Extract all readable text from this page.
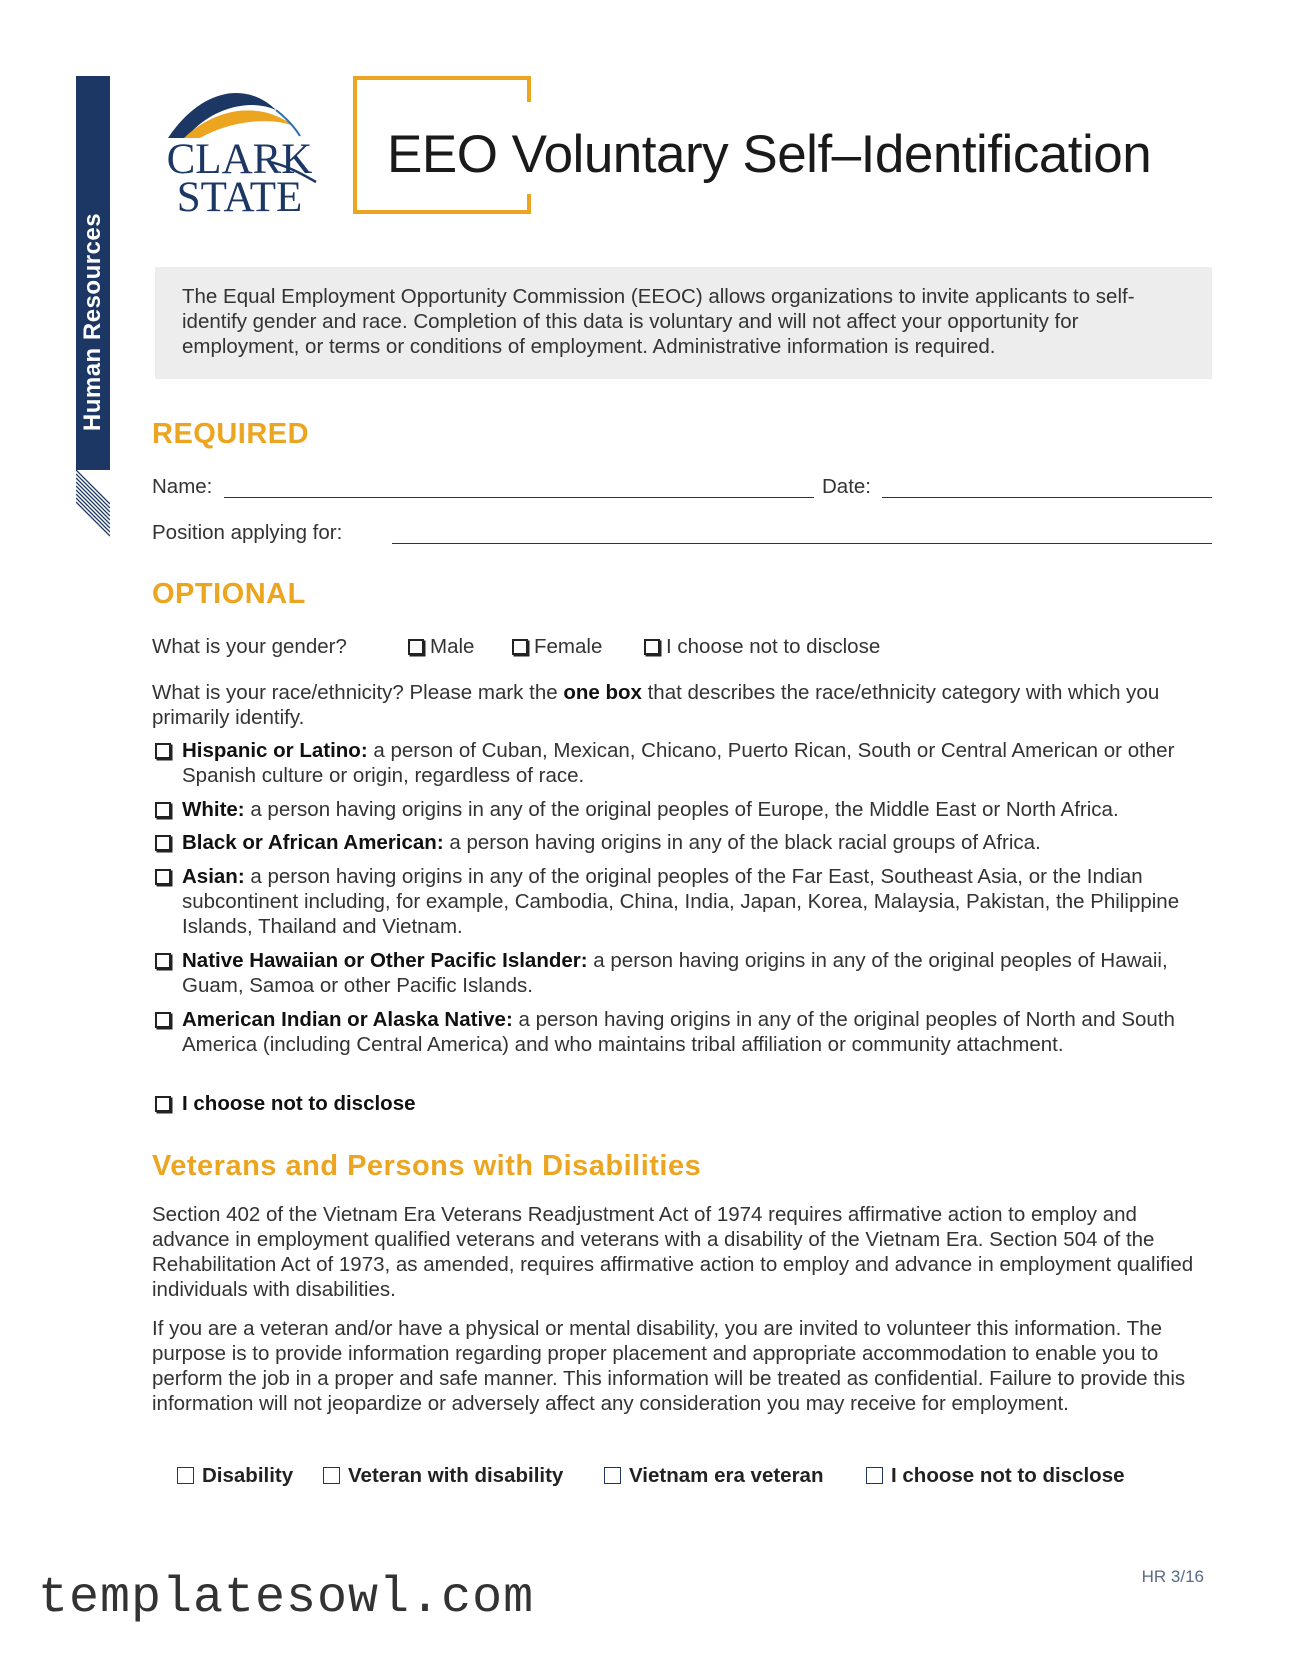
Human Resources
CLARK
STATE
EEO Voluntary Self–Identification

The Equal Employment Opportunity Commission (EEOC) allows organizations to invite applicants to self-identify gender and race. Completion of this data is voluntary and will not affect your opportunity for employment, or terms or conditions of employment. Administrative information is required.

REQUIRED
Name:	Date:
Position applying for:
OPTIONAL
What is your gender?	Male	Female	I choose not to disclose

What is your race/ethnicity? Please mark the one box that describes the race/ethnicity category with which you primarily identify.

Hispanic or Latino: a person of Cuban, Mexican, Chicano, Puerto Rican, South or Central American or other Spanish culture or origin, regardless of race.
White: a person having origins in any of the original peoples of Europe, the Middle East or North Africa.
Black or African American: a person having origins in any of the black racial groups of Africa.
Asian: a person having origins in any of the original peoples of the Far East, Southeast Asia, or the Indian subcontinent including, for example, Cambodia, China, India, Japan, Korea, Malaysia, Pakistan, the Philippine Islands, Thailand and Vietnam.
Native Hawaiian or Other Pacific Islander: a person having origins in any of the original peoples of Hawaii, Guam, Samoa or other Pacific Islands.
American Indian or Alaska Native: a person having origins in any of the original peoples of North and South America (including Central America) and who maintains tribal affiliation or community attachment.
I choose not to disclose
Veterans and Persons with Disabilities

Section 402 of the Vietnam Era Veterans Readjustment Act of 1974 requires affirmative action to employ and advance in employment qualified veterans and veterans with a disability of the Vietnam Era. Section 504 of the Rehabilitation Act of 1973, as amended, requires affirmative action to employ and advance in employment qualified individuals with disabilities.

If you are a veteran and/or have a physical or mental disability, you are invited to volunteer this information. The purpose is to provide information regarding proper placement and appropriate accommodation to enable you to perform the job in a proper and safe manner. This information will be treated as confidential. Failure to provide this information will not jeopardize or adversely affect any consideration you may receive for employment.

Disability	Veteran with disability	Vietnam era veteran	I choose not to disclose
templatesowl.com	HR 3/16
